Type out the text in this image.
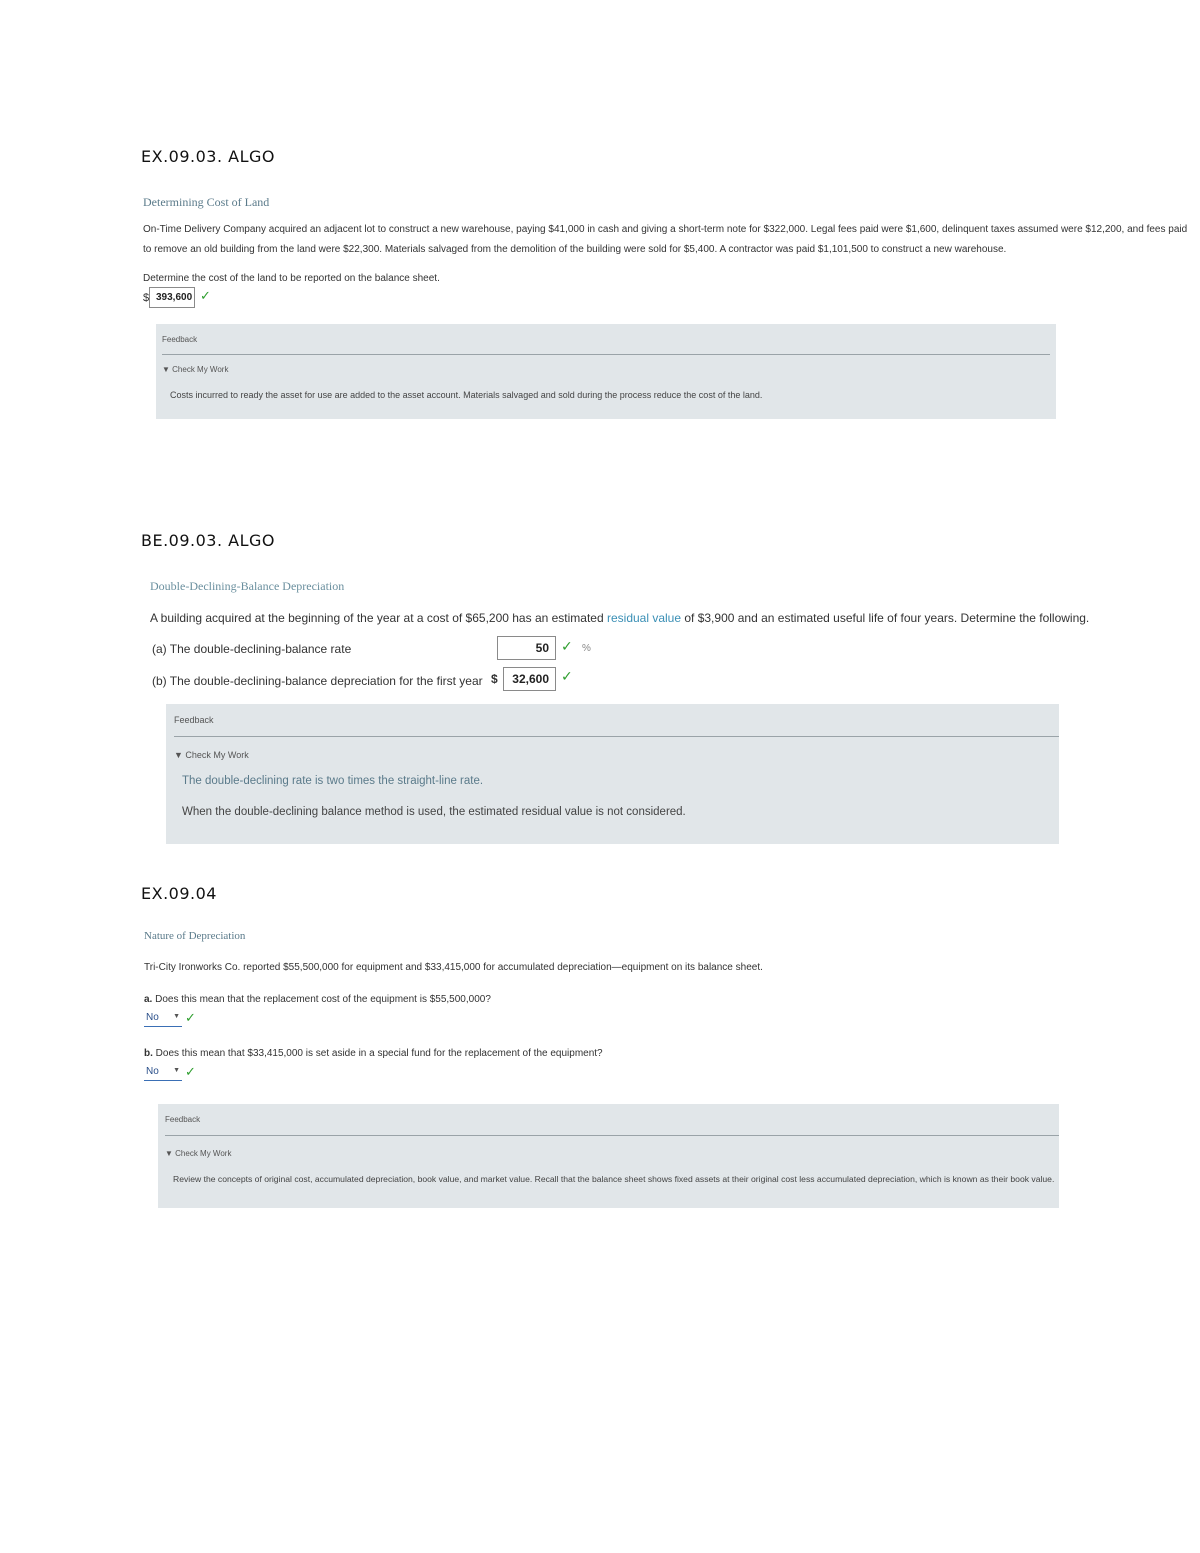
EX.09.03. ALGO
Determining Cost of Land
On-Time Delivery Company acquired an adjacent lot to construct a new warehouse, paying $41,000 in cash and giving a short-term note for $322,000. Legal fees paid were $1,600, delinquent taxes assumed were $12,200, and fees paid
to remove an old building from the land were $22,300. Materials salvaged from the demolition of the building were sold for $5,400. A contractor was paid $1,101,500 to construct a new warehouse.
Determine the cost of the land to be reported on the balance sheet.
$ 393,600 ✓
Feedback
▼ Check My Work
Costs incurred to ready the asset for use are added to the asset account. Materials salvaged and sold during the process reduce the cost of the land.
BE.09.03. ALGO
Double-Declining-Balance Depreciation
A building acquired at the beginning of the year at a cost of $65,200 has an estimated residual value of $3,900 and an estimated useful life of four years. Determine the following.
(a) The double-declining-balance rate	50 ✓ %
(b) The double-declining-balance depreciation for the first year $	32,600 ✓
Feedback
▼ Check My Work
The double-declining rate is two times the straight-line rate.
When the double-declining balance method is used, the estimated residual value is not considered.
EX.09.04
Nature of Depreciation
Tri-City Ironworks Co. reported $55,500,000 for equipment and $33,415,000 for accumulated depreciation—equipment on its balance sheet.
a. Does this mean that the replacement cost of the equipment is $55,500,000?
No ▼ ✓
b. Does this mean that $33,415,000 is set aside in a special fund for the replacement of the equipment?
No ▼ ✓
Feedback
▼ Check My Work
Review the concepts of original cost, accumulated depreciation, book value, and market value. Recall that the balance sheet shows fixed assets at their original cost less accumulated depreciation, which is known as their book value.
